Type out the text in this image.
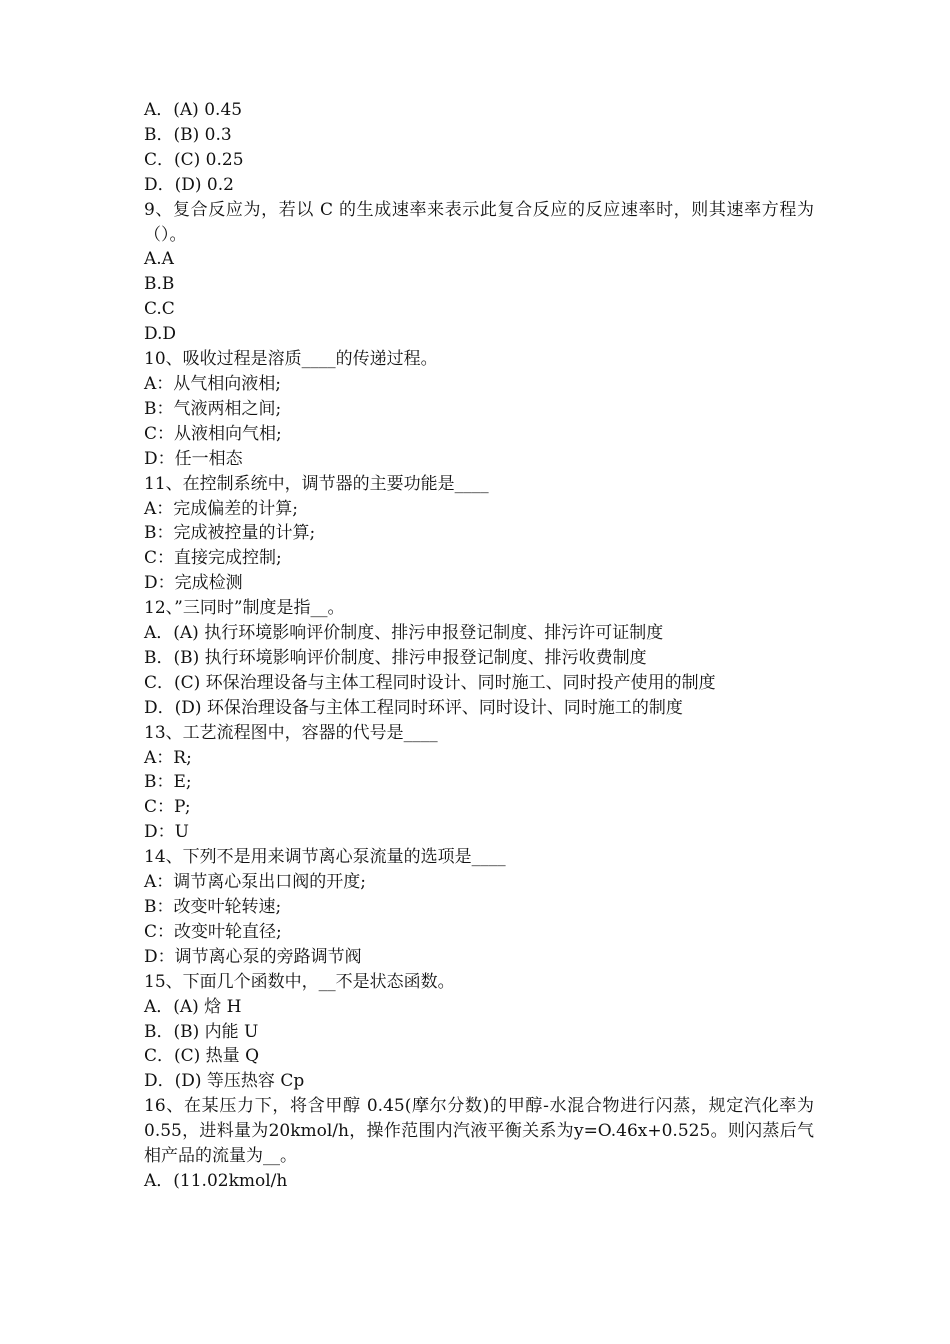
A．(A) 0.45
B．(B) 0.3
C．(C) 0.25
D．(D) 0.2
9、复合反应为，若以 C 的生成速率来表示此复合反应的反应速率时，则其速率方程为（）。
A.A
B.B
C.C
D.D
10、吸收过程是溶质____的传递过程。
A：从气相向液相;
B：气液两相之间;
C：从液相向气相;
D：任一相态
11、在控制系统中，调节器的主要功能是____
A：完成偏差的计算;
B：完成被控量的计算;
C：直接完成控制;
D：完成检测
12、”三同时”制度是指__。
A．(A) 执行环境影响评价制度、排污申报登记制度、排污许可证制度
B．(B) 执行环境影响评价制度、排污申报登记制度、排污收费制度
C．(C) 环保治理设备与主体工程同时设计、同时施工、同时投产使用的制度
D．(D) 环保治理设备与主体工程同时环评、同时设计、同时施工的制度
13、工艺流程图中，容器的代号是____
A：R;
B：E;
C：P;
D：U
14、下列不是用来调节离心泵流量的选项是____
A：调节离心泵出口阀的开度;
B：改变叶轮转速;
C：改变叶轮直径;
D：调节离心泵的旁路调节阀
15、下面几个函数中，__不是状态函数。
A．(A) 焓 H
B．(B) 内能 U
C．(C) 热量 Q
D．(D) 等压热容 Cp
16、在某压力下，将含甲醇 0.45(摩尔分数)的甲醇-水混合物进行闪蒸，规定汽化率为 0.55，进料量为20kmol/h，操作范围内汽液平衡关系为y=O.46x+0.525。则闪蒸后气相产品的流量为__。
A．(11.02kmol/h
